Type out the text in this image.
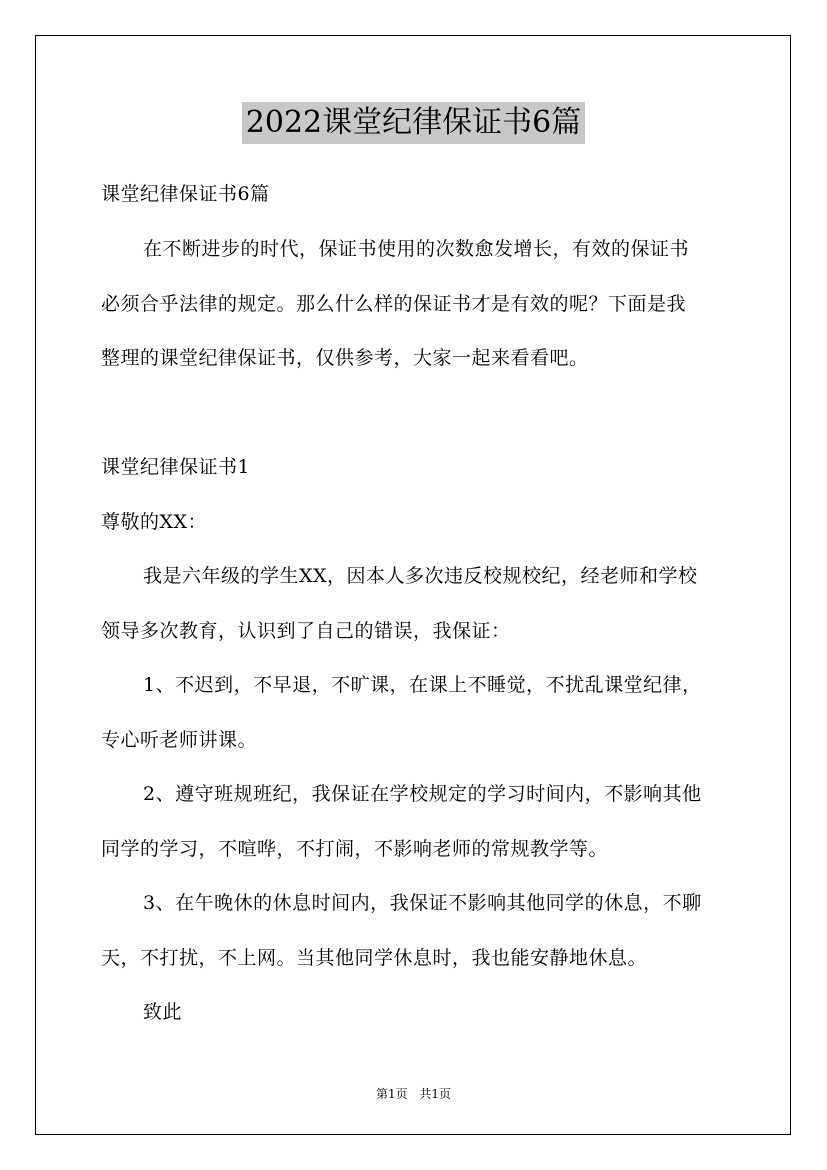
2022课堂纪律保证书6篇
课堂纪律保证书6篇
在不断进步的时代，保证书使用的次数愈发增长，有效的保证书
必须合乎法律的规定。那么什么样的保证书才是有效的呢？下面是我
整理的课堂纪律保证书，仅供参考，大家一起来看看吧。
课堂纪律保证书1
尊敬的XX：
我是六年级的学生XX，因本人多次违反校规校纪，经老师和学校
领导多次教育，认识到了自己的错误，我保证：
1、不迟到，不早退，不旷课，在课上不睡觉，不扰乱课堂纪律，
专心听老师讲课。
2、遵守班规班纪，我保证在学校规定的学习时间内，不影响其他
同学的学习，不喧哗，不打闹，不影响老师的常规教学等。
3、在午晚休的休息时间内，我保证不影响其他同学的休息，不聊
天，不打扰，不上网。当其他同学休息时，我也能安静地休息。
致此
第1页 共1页
